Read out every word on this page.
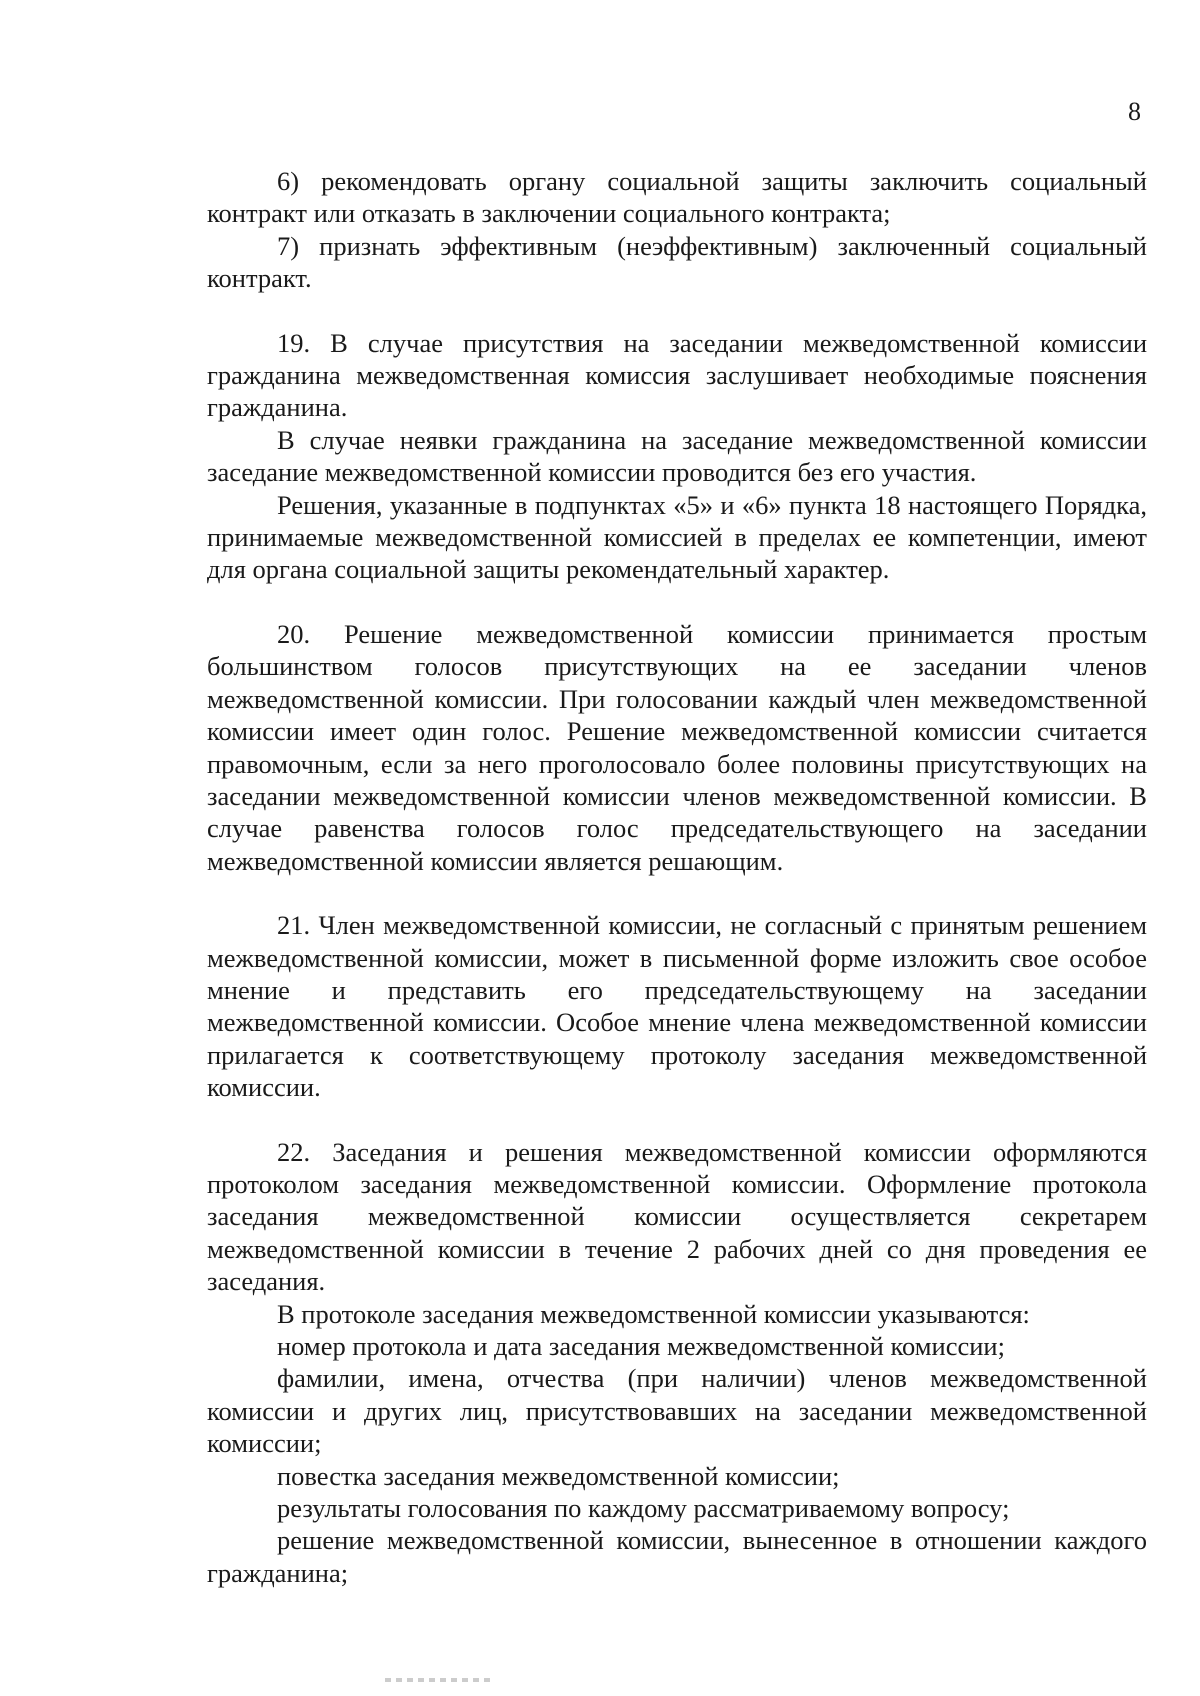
8

6) рекомендовать органу социальной защиты заключить социальный контракт или отказать в заключении социального контракта;

7) признать эффективным (неэффективным) заключенный социальный контракт.

19. В случае присутствия на заседании межведомственной комиссии гражданина межведомственная комиссия заслушивает необходимые пояснения гражданина.

В случае неявки гражданина на заседание межведомственной комиссии заседание межведомственной комиссии проводится без его участия.

Решения, указанные в подпунктах «5» и «6» пункта 18 настоящего Порядка, принимаемые межведомственной комиссией в пределах ее компетенции, имеют для органа социальной защиты рекомендательный характер.

20. Решение межведомственной комиссии принимается простым большинством голосов присутствующих на ее заседании членов межведомственной комиссии. При голосовании каждый член межведомственной комиссии имеет один голос. Решение межведомственной комиссии считается правомочным, если за него проголосовало более половины присутствующих на заседании межведомственной комиссии членов межведомственной комиссии. В случае равенства голосов голос председательствующего на заседании межведомственной комиссии является решающим.

21. Член межведомственной комиссии, не согласный с принятым решением межведомственной комиссии, может в письменной форме изложить свое особое мнение и представить его председательствующему на заседании межведомственной комиссии. Особое мнение члена межведомственной комиссии прилагается к соответствующему протоколу заседания межведомственной комиссии.

22. Заседания и решения межведомственной комиссии оформляются протоколом заседания межведомственной комиссии. Оформление протокола заседания межведомственной комиссии осуществляется секретарем межведомственной комиссии в течение 2 рабочих дней со дня проведения ее заседания.

В протоколе заседания межведомственной комиссии указываются:

номер протокола и дата заседания межведомственной комиссии;

фамилии, имена, отчества (при наличии) членов межведомственной комиссии и других лиц, присутствовавших на заседании межведомственной комиссии;

повестка заседания межведомственной комиссии;

результаты голосования по каждому рассматриваемому вопросу;

решение межведомственной комиссии, вынесенное в отношении каждого гражданина;
